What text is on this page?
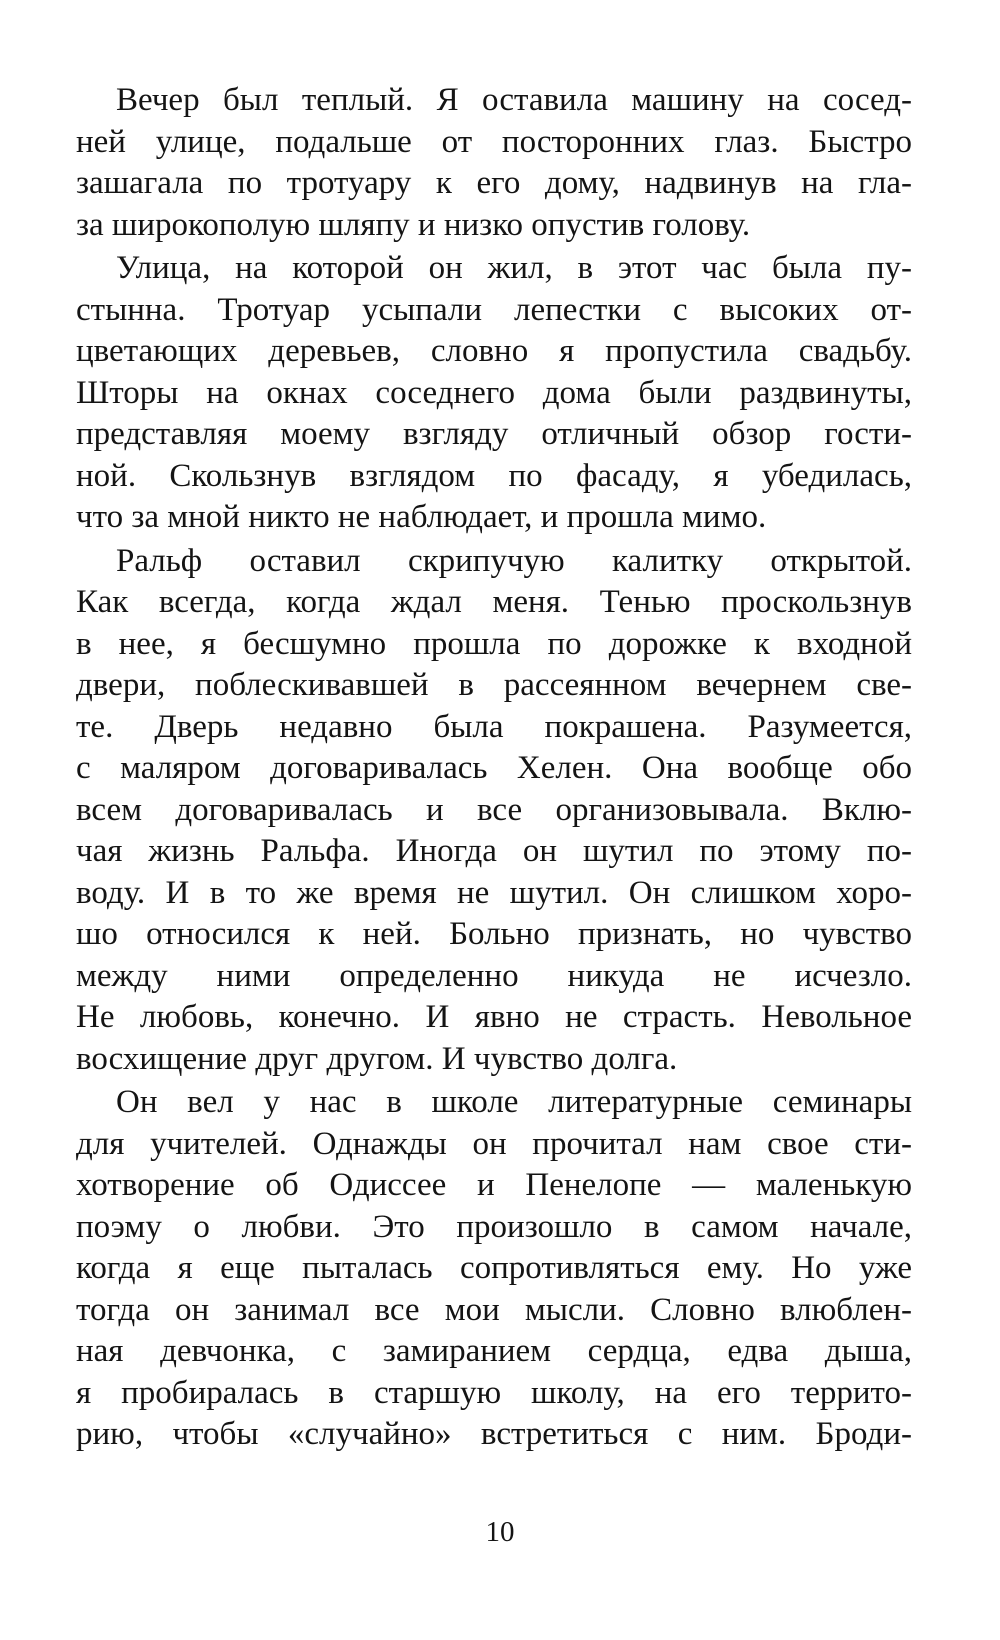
Вечер был теплый. Я оставила машину на сосед-
ней улице, подальше от посторонних глаз. Быстро
зашагала по тротуару к его дому, надвинув на гла-
за широкополую шляпу и низко опустив голову.
Улица, на которой он жил, в этот час была пу-
стынна. Тротуар усыпали лепестки с высоких от-
цветающих деревьев, словно я пропустила свадьбу.
Шторы на окнах соседнего дома были раздвинуты,
представляя моему взгляду отличный обзор гости-
ной. Скользнув взглядом по фасаду, я убедилась,
что за мной никто не наблюдает, и прошла мимо.
Ральф оставил скрипучую калитку открытой.
Как всегда, когда ждал меня. Тенью проскользнув
в нее, я бесшумно прошла по дорожке к входной
двери, поблескивавшей в рассеянном вечернем све-
те. Дверь недавно была покрашена. Разумеется,
с маляром договаривалась Хелен. Она вообще обо
всем договаривалась и все организовывала. Вклю-
чая жизнь Ральфа. Иногда он шутил по этому по-
воду. И в то же время не шутил. Он слишком хоро-
шо относился к ней. Больно признать, но чувство
между ними определенно никуда не исчезло.
Не любовь, конечно. И явно не страсть. Невольное
восхищение друг другом. И чувство долга.
Он вел у нас в школе литературные семинары
для учителей. Однажды он прочитал нам свое сти-
хотворение об Одиссее и Пенелопе — маленькую
поэму о любви. Это произошло в самом начале,
когда я еще пыталась сопротивляться ему. Но уже
тогда он занимал все мои мысли. Словно влюблен-
ная девчонка, с замиранием сердца, едва дыша,
я пробиралась в старшую школу, на его террито-
рию, чтобы «случайно» встретиться с ним. Броди-
10
